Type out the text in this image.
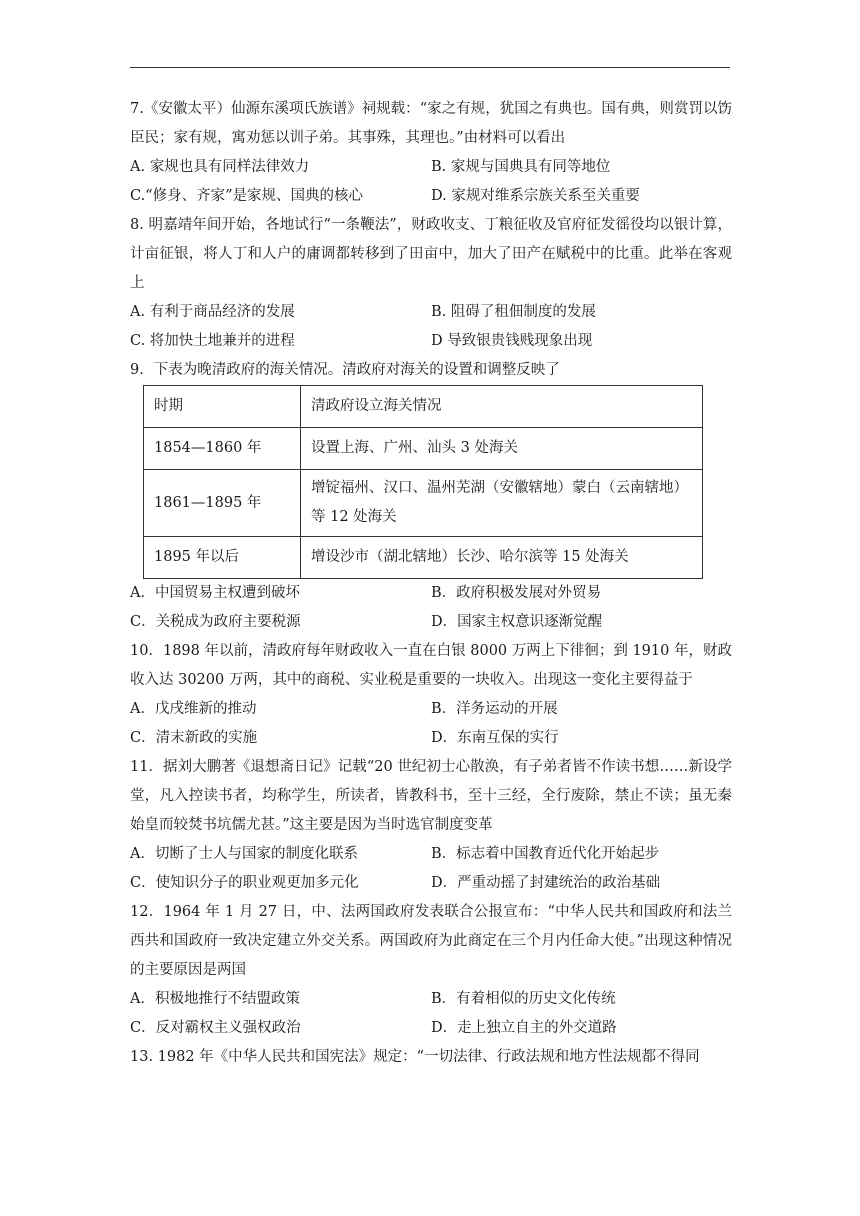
7.《安徽太平）仙源东溪项氏族谱》祠规载：“家之有规，犹国之有典也。国有典，则赏罚以饬臣民；家有规，寓劝惩以训子弟。其事殊，其理也。”由材料可以看出
A. 家规也具有同样法律效力	B. 家规与国典具有同等地位
C.“修身、齐家”是家规、国典的核心	D. 家规对维系宗族关系至关重要
8. 明嘉靖年间开始，各地试行“一条鞭法”，财政收支、丁粮征收及官府征发徭役均以银计算，计亩征银，将人丁和人户的庸调都转移到了田亩中，加大了田产在赋税中的比重。此举在客观上
A. 有利于商品经济的发展	B. 阻碍了租佃制度的发展
C. 将加快土地兼并的进程	D 导致银贵钱贱现象出现
9．下表为晚清政府的海关情况。清政府对海关的设置和调整反映了
时期	清政府设立海关情况
1854—1860 年	设置上海、广州、汕头 3 处海关
1861—1895 年	增锭福州、汉口、温州芜湖（安徽辖地）蒙白（云南辖地）等 12 处海关
1895 年以后	增设沙市（湖北辖地）长沙、哈尔滨等 15 处海关
A．中国贸易主权遭到破坏	B．政府积极发展对外贸易
C．关税成为政府主要税源	D．国家主权意识逐渐觉醒
10．1898 年以前，清政府每年财政收入一直在白银 8000 万两上下徘徊；到 1910 年，财政收入达 30200 万两，其中的商税、实业税是重要的一块收入。出现这一变化主要得益于
A．戊戌维新的推动	B．洋务运动的开展
C．清末新政的实施	D．东南互保的实行
11．据刘大鹏著《退想斋日记》记载“20 世纪初士心散涣，有子弟者皆不作读书想……新设学堂，凡入控读书者，均称学生，所读者，皆教科书，至十三经，全行废除，禁止不读；虽无秦始皇而较焚书坑儒尤甚。”这主要是因为当时选官制度变革
A．切断了士人与国家的制度化联系	B．标志着中国教育近代化开始起步
C．使知识分子的职业观更加多元化	D．严重动摇了封建统治的政治基础
12．1964 年 1 月 27 日，中、法两国政府发表联合公报宣布：“中华人民共和国政府和法兰西共和国政府一致决定建立外交关系。两国政府为此商定在三个月内任命大使。”出现这种情况的主要原因是两国
A．积极地推行不结盟政策	B．有着相似的历史文化传统
C．反对霸权主义强权政治	D．走上独立自主的外交道路
13. 1982 年《中华人民共和国宪法》规定：“一切法律、行政法规和地方性法规都不得同
